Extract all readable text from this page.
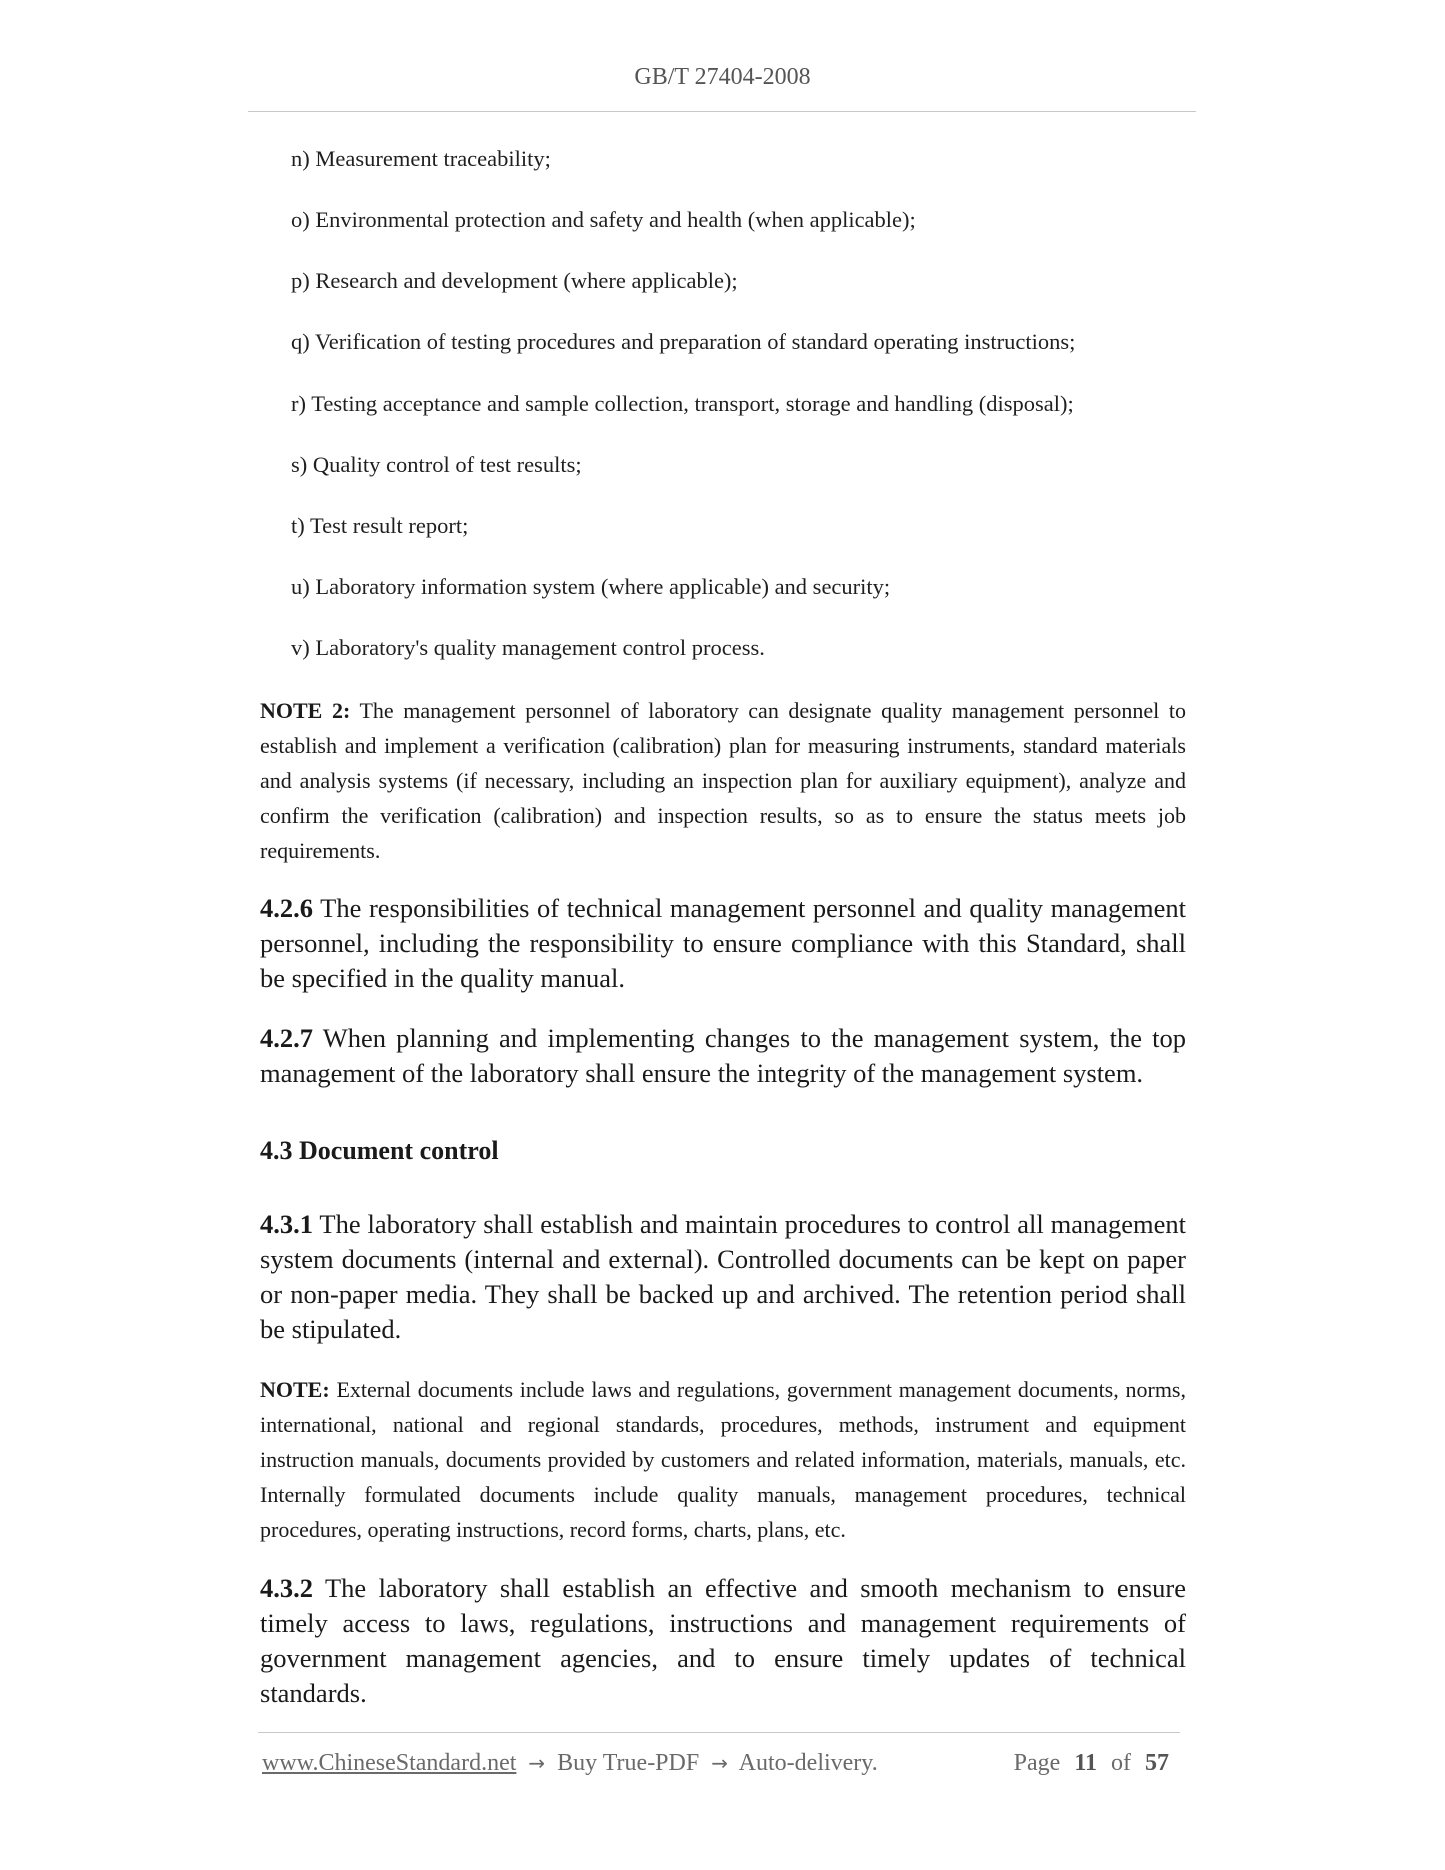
GB/T 27404-2008
n) Measurement traceability;
o) Environmental protection and safety and health (when applicable);
p) Research and development (where applicable);
q) Verification of testing procedures and preparation of standard operating instructions;
r) Testing acceptance and sample collection, transport, storage and handling (disposal);
s) Quality control of test results;
t) Test result report;
u) Laboratory information system (where applicable) and security;
v) Laboratory's quality management control process.
NOTE 2: The management personnel of laboratory can designate quality management personnel to establish and implement a verification (calibration) plan for measuring instruments, standard materials and analysis systems (if necessary, including an inspection plan for auxiliary equipment), analyze and confirm the verification (calibration) and inspection results, so as to ensure the status meets job requirements.
4.2.6 The responsibilities of technical management personnel and quality management personnel, including the responsibility to ensure compliance with this Standard, shall be specified in the quality manual.
4.2.7 When planning and implementing changes to the management system, the top management of the laboratory shall ensure the integrity of the management system.
4.3 Document control
4.3.1 The laboratory shall establish and maintain procedures to control all management system documents (internal and external). Controlled documents can be kept on paper or non-paper media. They shall be backed up and archived. The retention period shall be stipulated.
NOTE: External documents include laws and regulations, government management documents, norms, international, national and regional standards, procedures, methods, instrument and equipment instruction manuals, documents provided by customers and related information, materials, manuals, etc. Internally formulated documents include quality manuals, management procedures, technical procedures, operating instructions, record forms, charts, plans, etc.
4.3.2 The laboratory shall establish an effective and smooth mechanism to ensure timely access to laws, regulations, instructions and management requirements of government management agencies, and to ensure timely updates of technical standards.
www.ChineseStandard.net → Buy True-PDF → Auto-delivery.	Page 11 of 57
